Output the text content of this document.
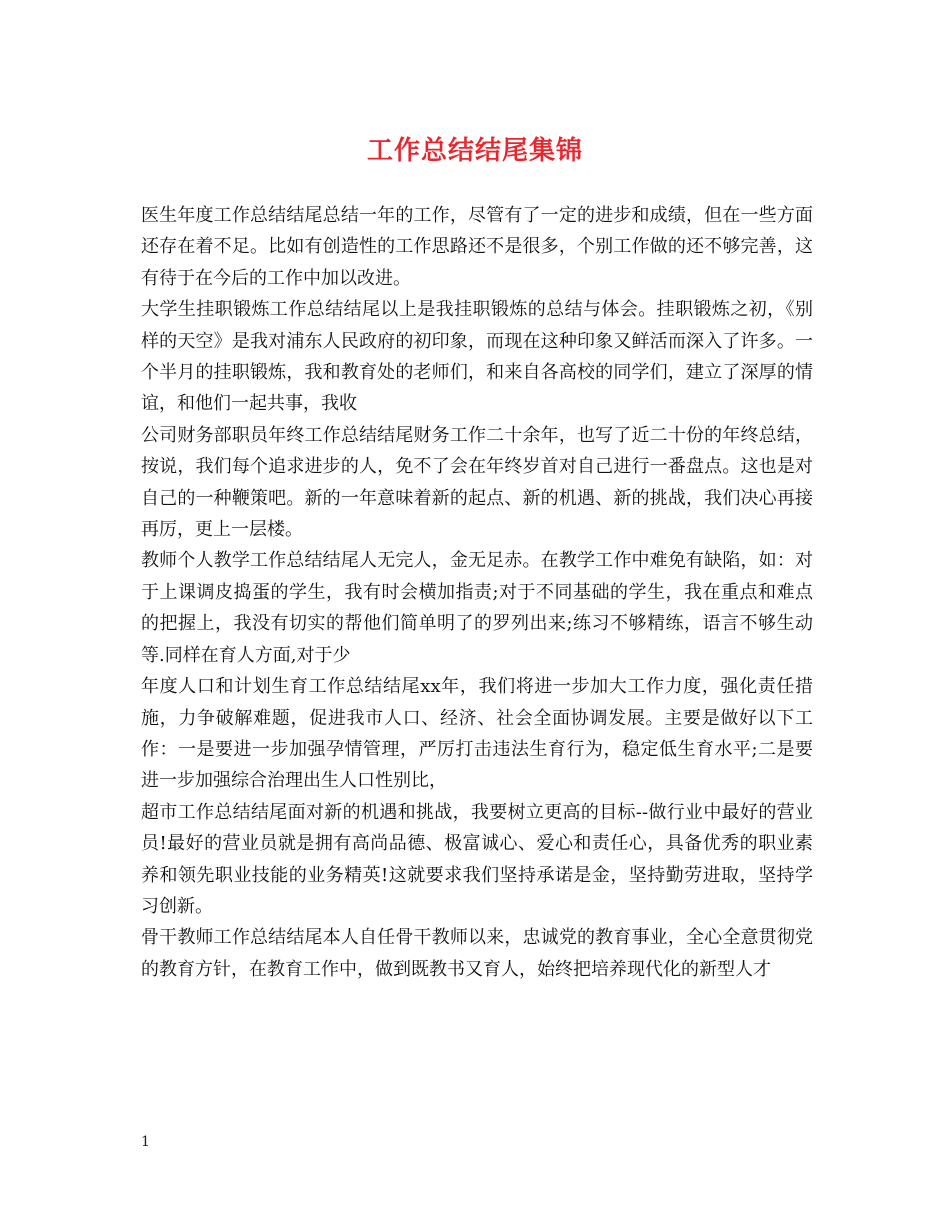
工作总结结尾集锦

医生年度工作总结结尾总结一年的工作，尽管有了一定的进步和成绩，但在一些方面还存在着不足。比如有创造性的工作思路还不是很多，个别工作做的还不够完善，这有待于在今后的工作中加以改进。

大学生挂职锻炼工作总结结尾以上是我挂职锻炼的总结与体会。挂职锻炼之初，《别样的天空》是我对浦东人民政府的初印象，而现在这种印象又鲜活而深入了许多。一个半月的挂职锻炼，我和教育处的老师们，和来自各高校的同学们，建立了深厚的情谊，和他们一起共事，我收

公司财务部职员年终工作总结结尾财务工作二十余年，也写了近二十份的年终总结，按说，我们每个追求进步的人，免不了会在年终岁首对自己进行一番盘点。这也是对自己的一种鞭策吧。新的一年意味着新的起点、新的机遇、新的挑战，我们决心再接再厉，更上一层楼。

教师个人教学工作总结结尾人无完人，金无足赤。在教学工作中难免有缺陷，如：对于上课调皮捣蛋的学生，我有时会横加指责;对于不同基础的学生，我在重点和难点的把握上，我没有切实的帮他们简单明了的罗列出来;练习不够精练，语言不够生动等.同样在育人方面,对于少

年度人口和计划生育工作总结结尾xx年，我们将进一步加大工作力度，强化责任措施，力争破解难题，促进我市人口、经济、社会全面协调发展。主要是做好以下工作：一是要进一步加强孕情管理，严厉打击违法生育行为，稳定低生育水平;二是要进一步加强综合治理出生人口性别比，

超市工作总结结尾面对新的机遇和挑战，我要树立更高的目标--做行业中最好的营业员!最好的营业员就是拥有高尚品德、极富诚心、爱心和责任心，具备优秀的职业素养和领先职业技能的业务精英!这就要求我们坚持承诺是金，坚持勤劳进取，坚持学习创新。

骨干教师工作总结结尾本人自任骨干教师以来，忠诚党的教育事业，全心全意贯彻党的教育方针，在教育工作中，做到既教书又育人，始终把培养现代化的新型人才

1
